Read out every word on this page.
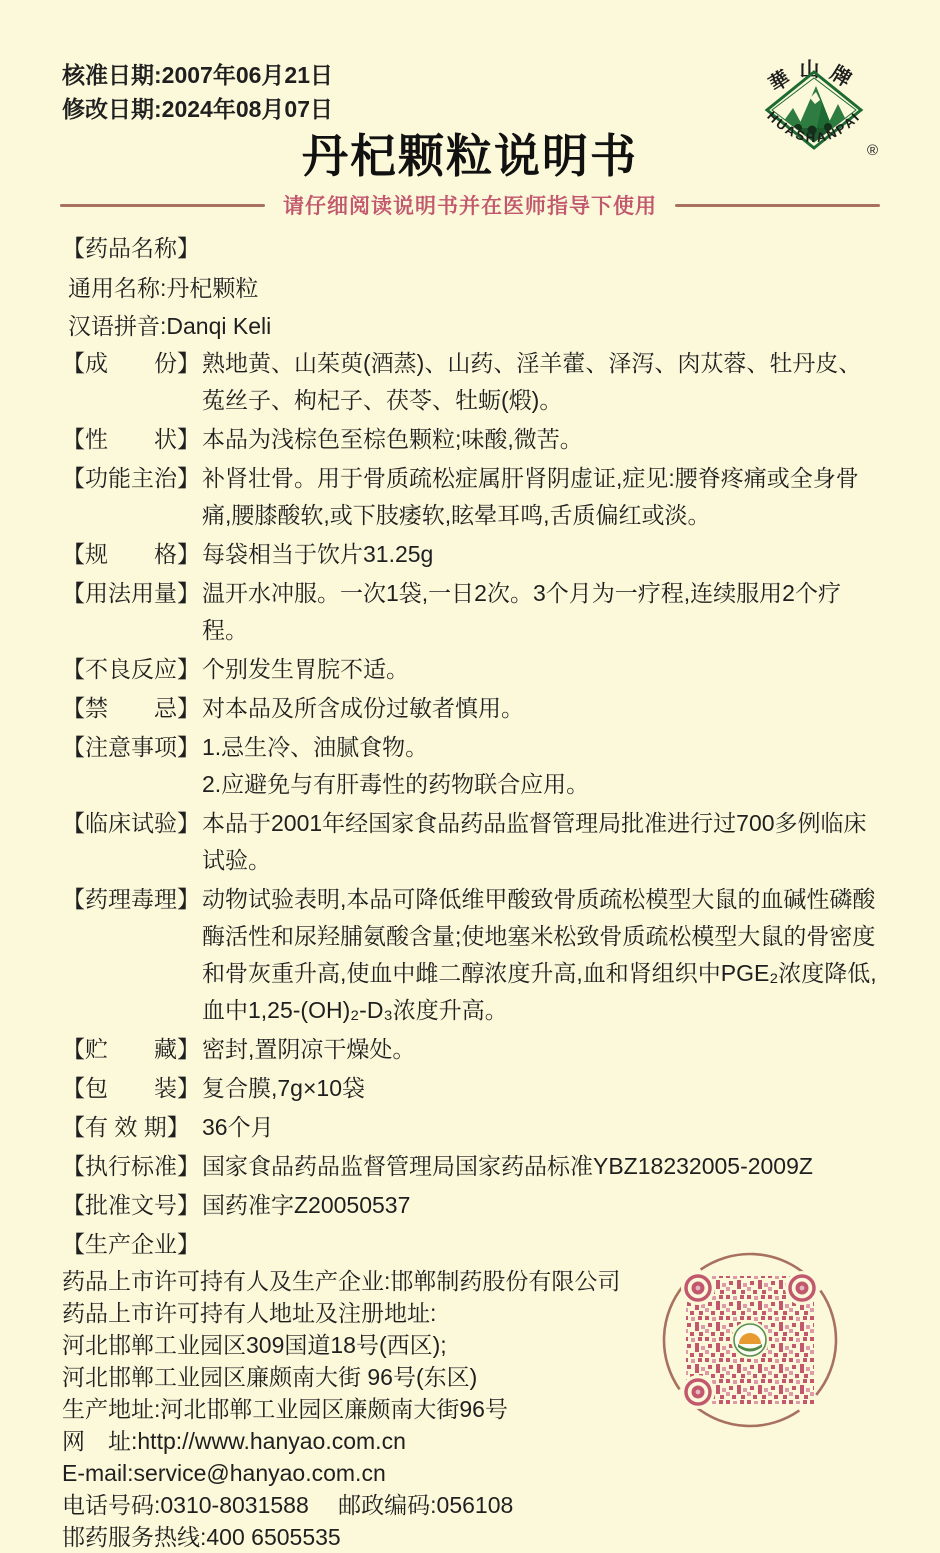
核准日期:2007年06月21日
修改日期:2024年08月07日
華山牌
HUASHANPAI
®
丹杞颗粒说明书
请仔细阅读说明书并在医师指导下使用
【药品名称】
通用名称:丹杞颗粒
汉语拼音:Danqi Keli
【成　　份】 熟地黄、山茱萸(酒蒸)、山药、淫羊藿、泽泻、肉苁蓉、牡丹皮、菟丝子、枸杞子、茯苓、牡蛎(煅)。
【性　　状】 本品为浅棕色至棕色颗粒;味酸,微苦。
【功能主治】 补肾壮骨。用于骨质疏松症属肝肾阴虚证,症见:腰脊疼痛或全身骨痛,腰膝酸软,或下肢痿软,眩晕耳鸣,舌质偏红或淡。
【规　　格】 每袋相当于饮片31.25g
【用法用量】 温开水冲服。一次1袋,一日2次。3个月为一疗程,连续服用2个疗程。
【不良反应】 个别发生胃脘不适。
【禁　　忌】 对本品及所含成份过敏者慎用。
【注意事项】 1.忌生冷、油腻食物。
2.应避免与有肝毒性的药物联合应用。
【临床试验】 本品于2001年经国家食品药品监督管理局批准进行过700多例临床试验。
【药理毒理】 动物试验表明,本品可降低维甲酸致骨质疏松模型大鼠的血碱性磷酸酶活性和尿羟脯氨酸含量;使地塞米松致骨质疏松模型大鼠的骨密度和骨灰重升高,使血中雌二醇浓度升高,血和肾组织中PGE₂浓度降低,血中1,25-(OH)₂-D₃浓度升高。
【贮　　藏】 密封,置阴凉干燥处。
【包　　装】 复合膜,7g×10袋
【有 效 期】 36个月
【执行标准】 国家食品药品监督管理局国家药品标准YBZ18232005-2009Z
【批准文号】 国药准字Z20050537
【生产企业】
药品上市许可持有人及生产企业:邯郸制药股份有限公司
药品上市许可持有人地址及注册地址:
河北邯郸工业园区309国道18号(西区);
河北邯郸工业园区廉颇南大街 96号(东区)
生产地址:河北邯郸工业园区廉颇南大街96号
网　址:http://www.hanyao.com.cn
E-mail:service@hanyao.com.cn
电话号码:0310-8031588　 邮政编码:056108
邯药服务热线:400 6505535
